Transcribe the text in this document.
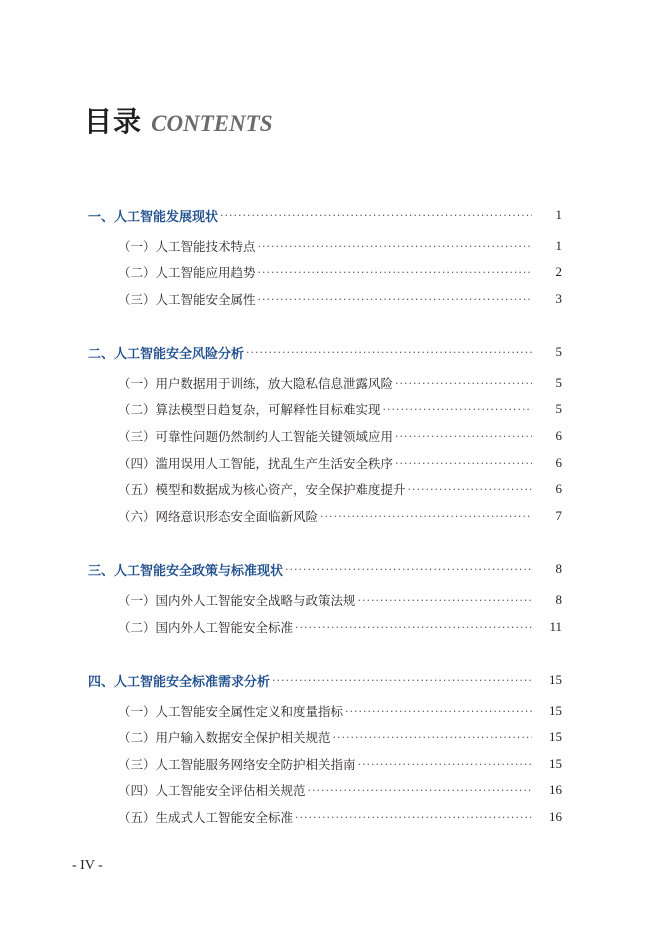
目录 CONTENTS
一、人工智能发展现状 ·····	1
（一）人工智能技术特点 ·····	1
（二）人工智能应用趋势 ·····	2
（三）人工智能安全属性 ·····	3
二、人工智能安全风险分析 ·····	5
（一）用户数据用于训练，放大隐私信息泄露风险 ·····	5
（二）算法模型日趋复杂，可解释性目标难实现 ·····	5
（三）可靠性问题仍然制约人工智能关键领域应用 ·····	6
（四）滥用误用人工智能，扰乱生产生活安全秩序 ·····	6
（五）模型和数据成为核心资产，安全保护难度提升 ·····	6
（六）网络意识形态安全面临新风险 ·····	7
三、人工智能安全政策与标准现状 ·····	8
（一）国内外人工智能安全战略与政策法规 ·····	8
（二）国内外人工智能安全标准 ·····	11
四、人工智能安全标准需求分析 ·····	15
（一）人工智能安全属性定义和度量指标 ·····	15
（二）用户输入数据安全保护相关规范 ·····	15
（三）人工智能服务网络安全防护相关指南 ·····	15
（四）人工智能安全评估相关规范 ·····	16
（五）生成式人工智能安全标准 ·····	16
- IV -
